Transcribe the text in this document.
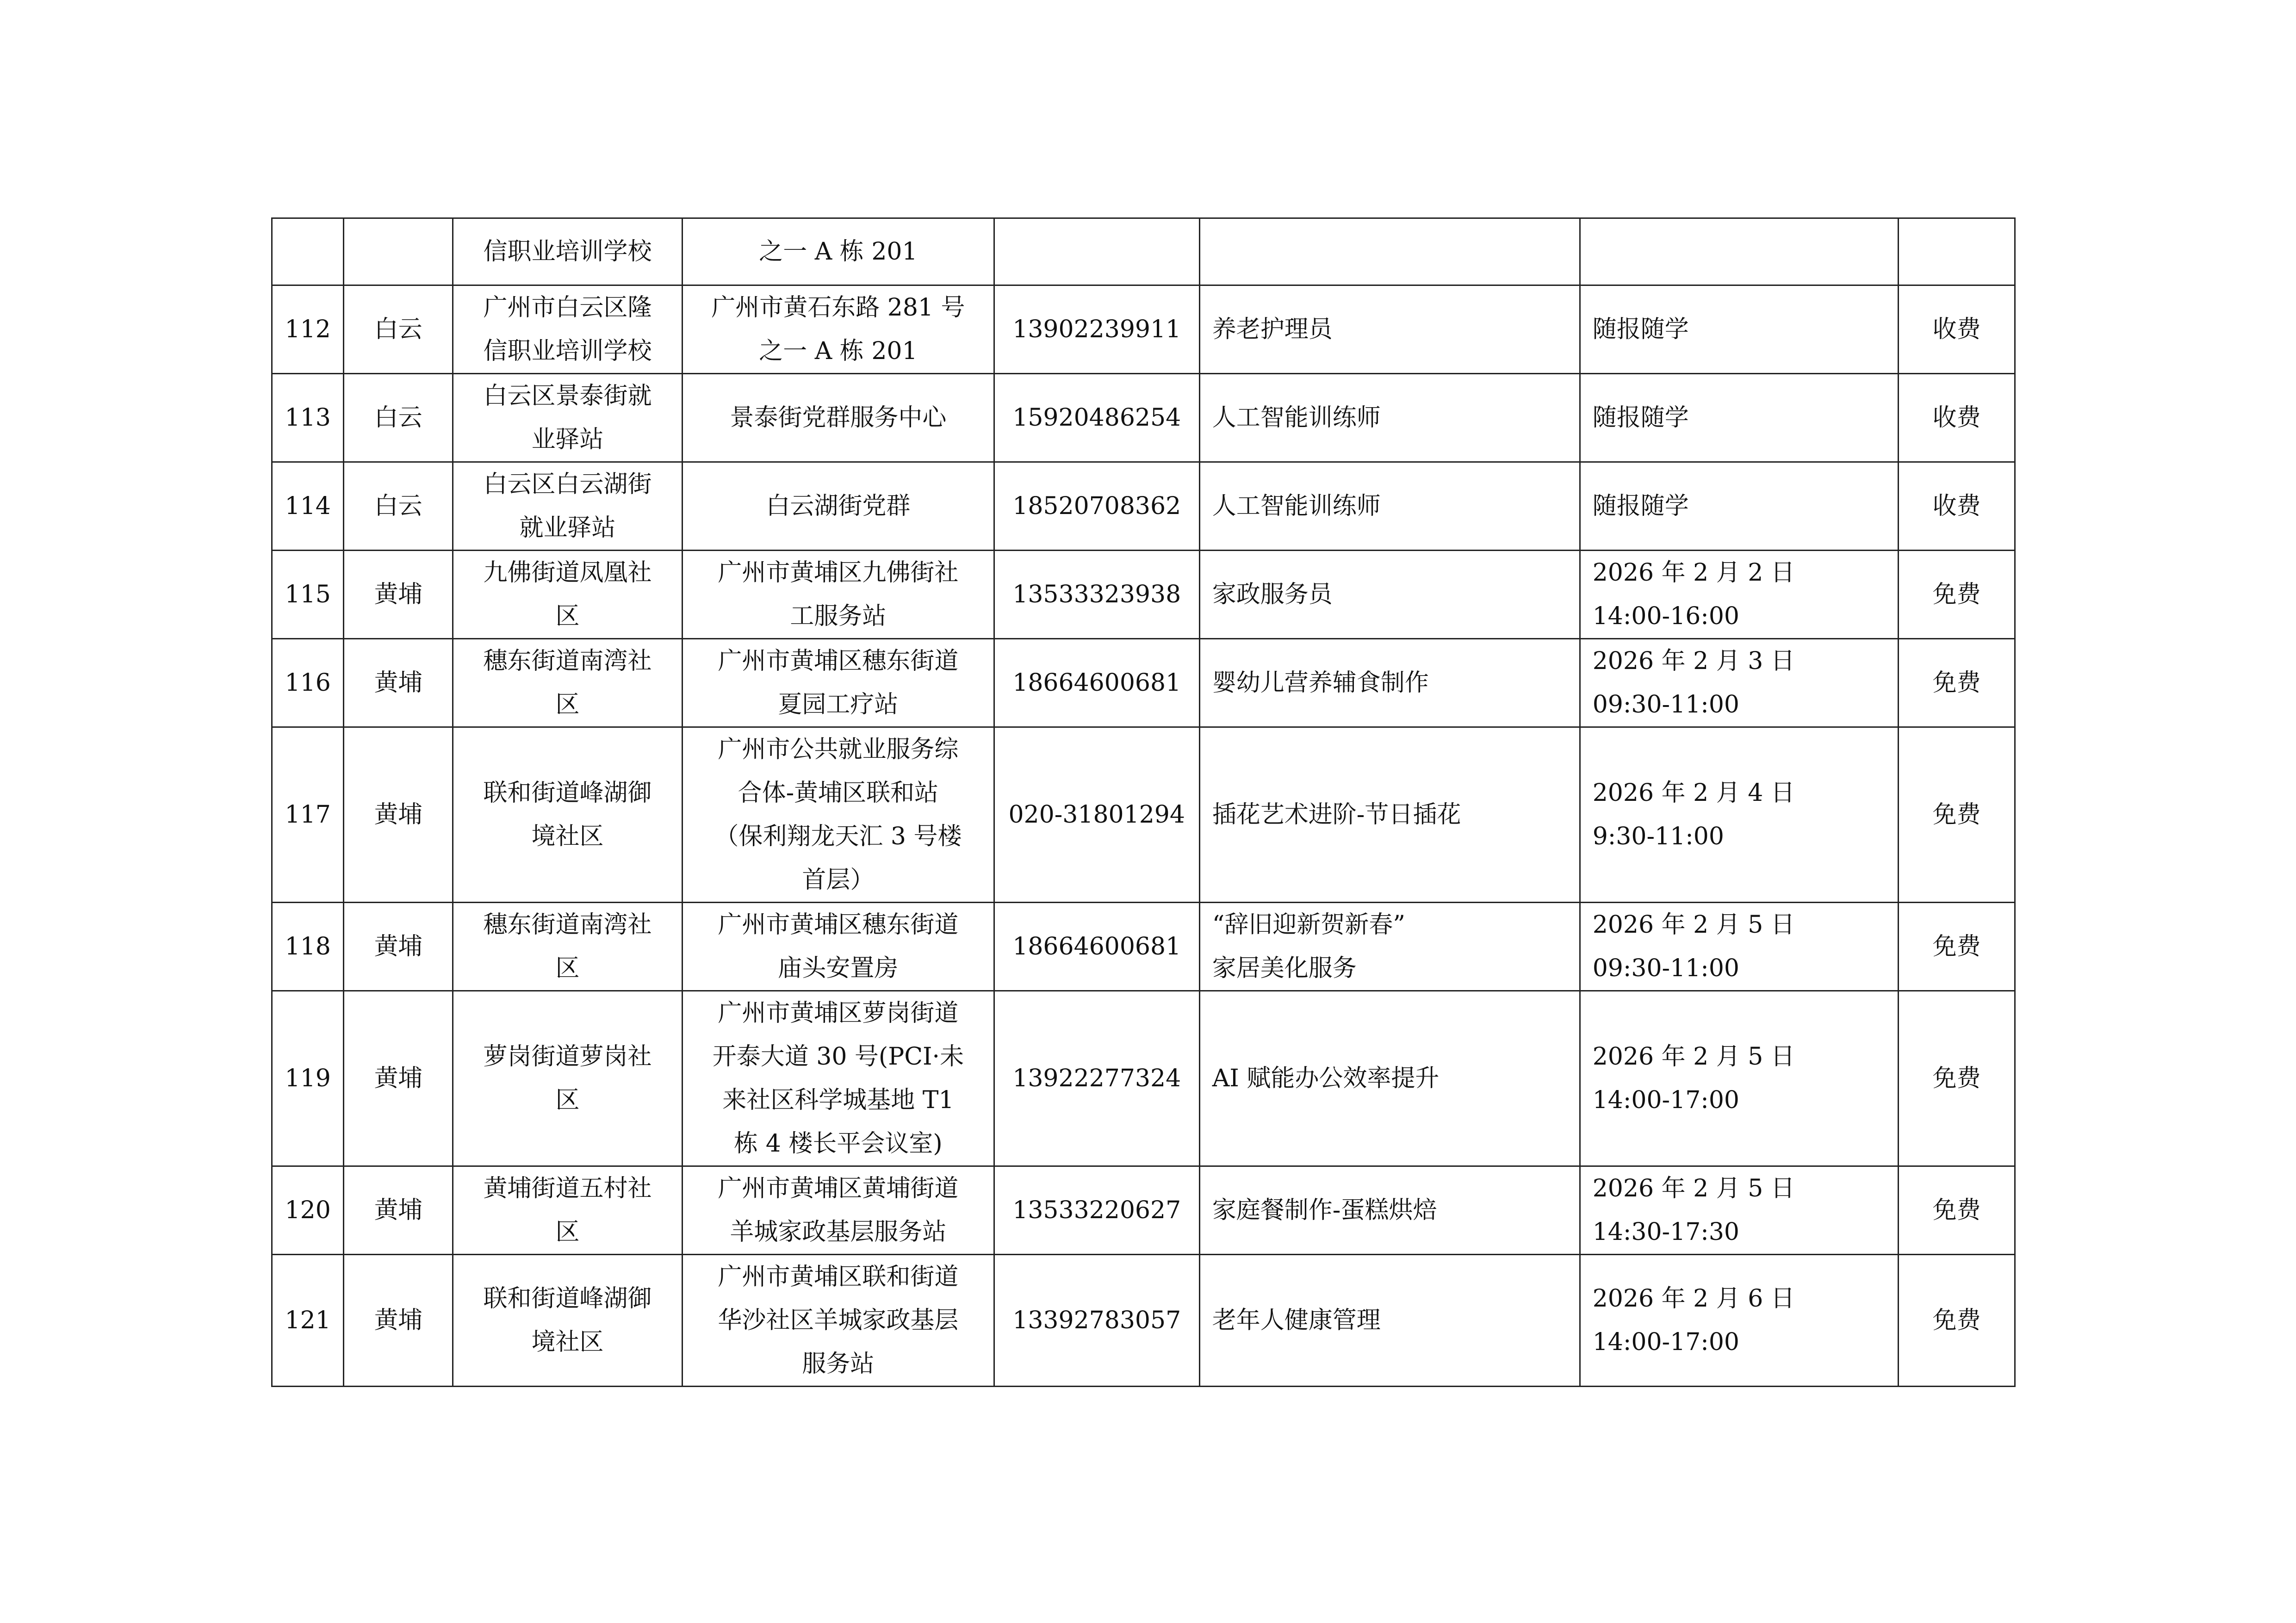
		信职业培训学校	之一 A 栋 201				

112	白云	广州市白云区隆
信职业培训学校	广州市黄石东路 281 号
之一 A 栋 201	13902239911	养老护理员	随报随学	收费

113	白云	白云区景泰街就
业驿站	景泰街党群服务中心	15920486254	人工智能训练师	随报随学	收费

114	白云	白云区白云湖街
就业驿站	白云湖街党群	18520708362	人工智能训练师	随报随学	收费

115	黄埔	九佛街道凤凰社
区	广州市黄埔区九佛街社
工服务站	13533323938	家政服务员	2026 年 2 月 2 日
14:00-16:00	免费

116	黄埔	穗东街道南湾社
区	广州市黄埔区穗东街道
夏园工疗站	18664600681	婴幼儿营养辅食制作	2026 年 2 月 3 日
09:30-11:00	免费

117	黄埔	联和街道峰湖御
境社区	广州市公共就业服务综
合体-黄埔区联和站
（保利翔龙天汇 3 号楼
首层）	020-31801294	插花艺术进阶-节日插花	2026 年 2 月 4 日
9:30-11:00	免费

118	黄埔	穗东街道南湾社
区	广州市黄埔区穗东街道
庙头安置房	18664600681	“辞旧迎新贺新春”
家居美化服务	2026 年 2 月 5 日
09:30-11:00	免费

119	黄埔	萝岗街道萝岗社
区	广州市黄埔区萝岗街道
开泰大道 30 号(PCI·未
来社区科学城基地 T1
栋 4 楼长平会议室)	13922277324	AI 赋能办公效率提升	2026 年 2 月 5 日
14:00-17:00	免费

120	黄埔	黄埔街道五村社
区	广州市黄埔区黄埔街道
羊城家政基层服务站	13533220627	家庭餐制作-蛋糕烘焙	2026 年 2 月 5 日
14:30-17:30	免费

121	黄埔	联和街道峰湖御
境社区	广州市黄埔区联和街道
华沙社区羊城家政基层
服务站	13392783057	老年人健康管理	2026 年 2 月 6 日
14:00-17:00	免费
